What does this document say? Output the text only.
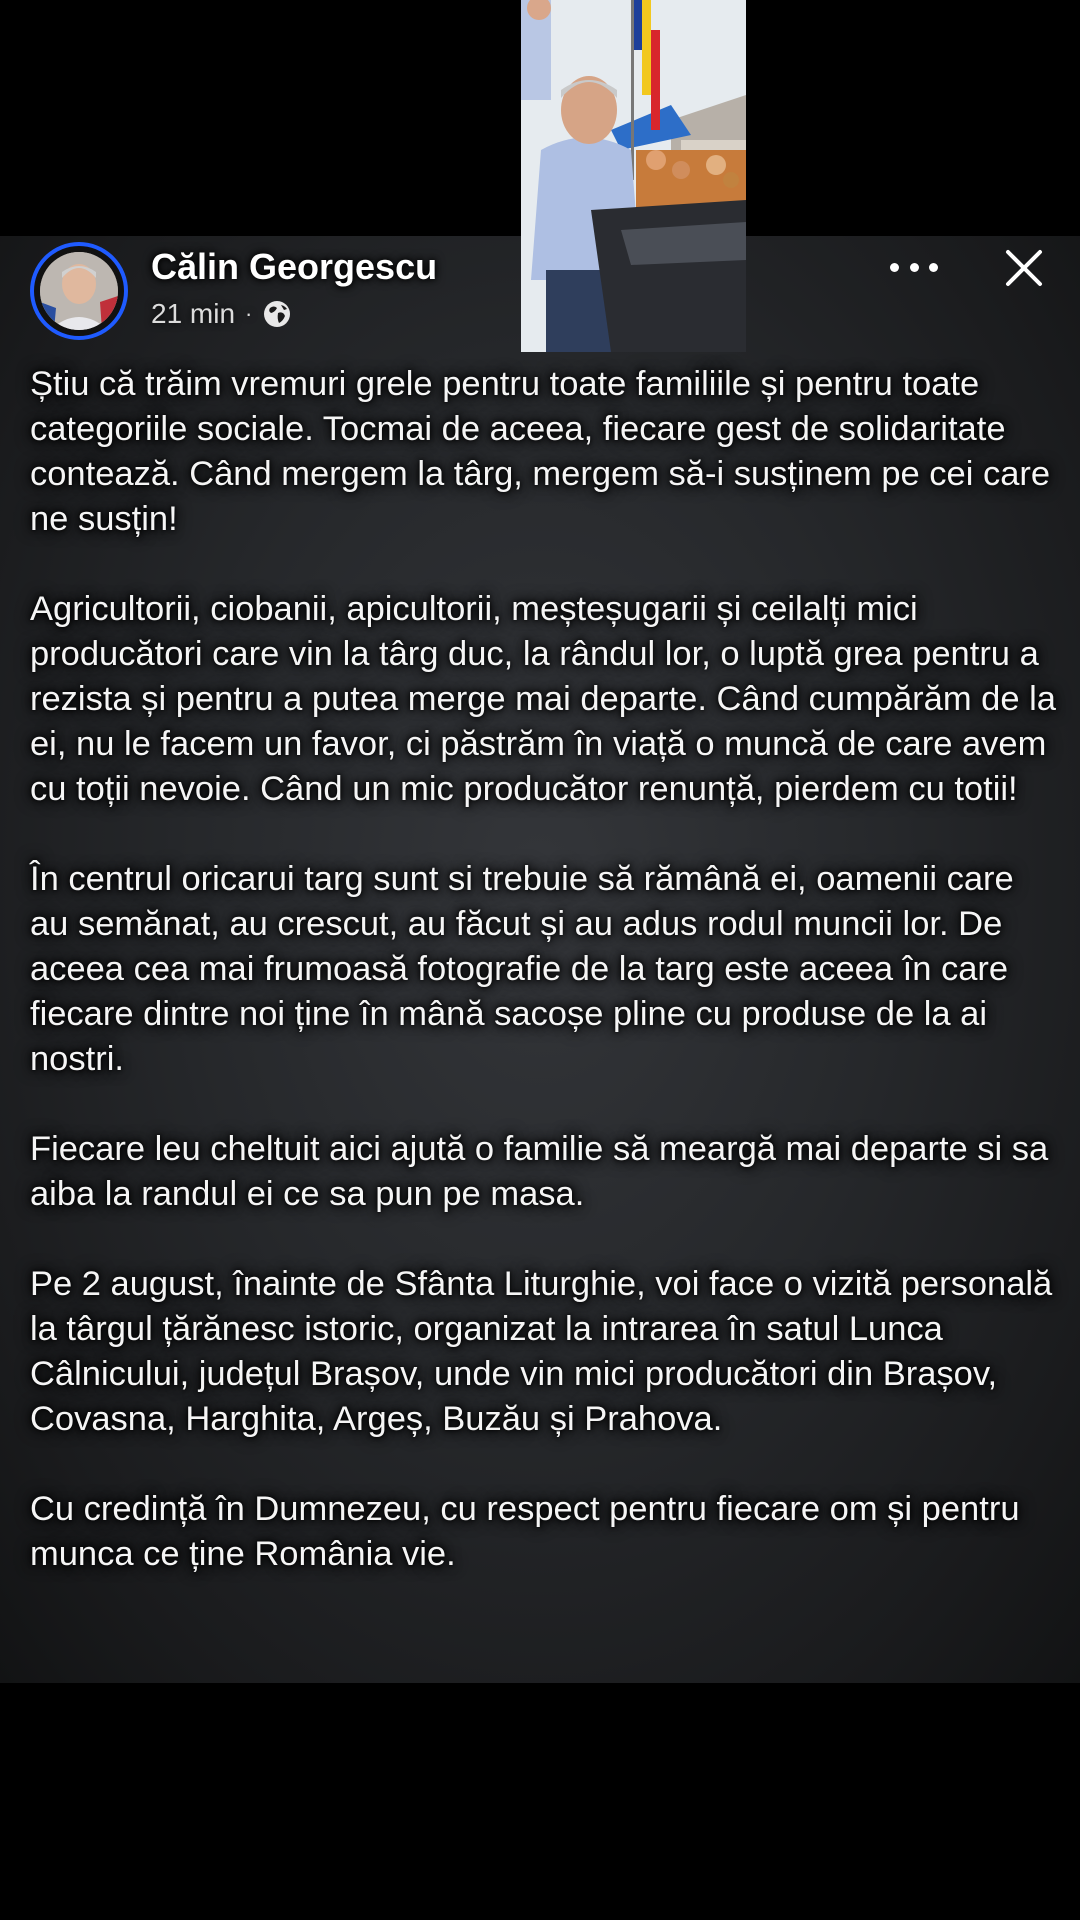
Călin Georgescu
21 min ·

Știu că trăim vremuri grele pentru toate familiile și pentru toate categoriile sociale. Tocmai de aceea, fiecare gest de solidaritate contează. Când mergem la târg, mergem să-i susținem pe cei care ne susțin!

Agricultorii, ciobanii, apicultorii, meșteșugarii și ceilalți mici producători care vin la târg duc, la rândul lor, o luptă grea pentru a rezista și pentru a putea merge mai departe. Când cumpărăm de la ei, nu le facem un favor, ci păstrăm în viață o muncă de care avem cu toții nevoie. Când un mic producător renunță, pierdem cu totii!

În centrul oricarui targ sunt si trebuie să rămână ei, oamenii care au semănat, au crescut, au făcut și au adus rodul muncii lor. De aceea cea mai frumoasă fotografie de la targ este aceea în care fiecare dintre noi ține în mână sacoșe pline cu produse de la ai nostri.

Fiecare leu cheltuit aici ajută o familie să meargă mai departe si sa aiba la randul ei ce sa pun pe masa.

Pe 2 august, înainte de Sfânta Liturghie, voi face o vizită personală la târgul țărănesc istoric, organizat la intrarea în satul Lunca Câlnicului, județul Brașov, unde vin mici producători din Brașov, Covasna, Harghita, Argeș, Buzău și Prahova.

Cu credință în Dumnezeu, cu respect pentru fiecare om și pentru munca ce ține România vie.
